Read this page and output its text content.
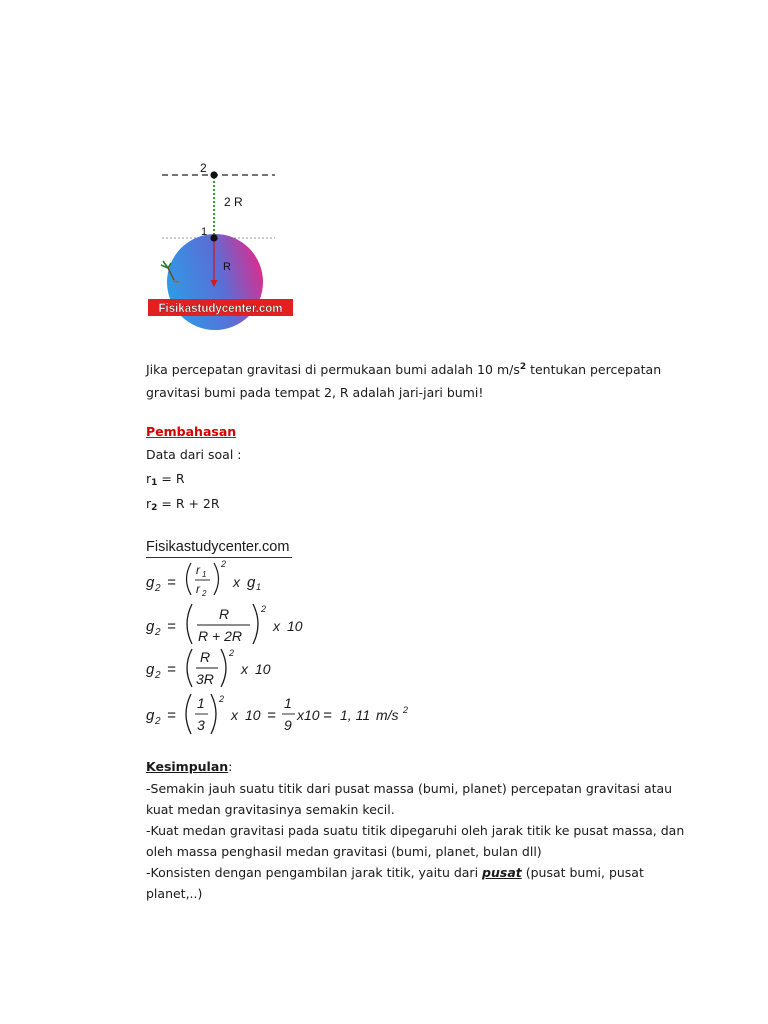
2
1
2 R
R
Fisikastudycenter.com
Jika percepatan gravitasi di permukaan bumi adalah 10 $m/s^2$ tentukan percepatan
gravitasi bumi pada tempat 2, R adalah jari-jari bumi!
Pembahasan
Data dari soal :
$r_1 = R$
$r_2 = R + 2R$
Fisikastudycenter.com
g 2 =
r 1
r 2
2
x g 1
g 2 =
R
R + 2R
2
x 10
g 2 =
R
3R
2
x 10
g 2 =
1
3
2
x 10 =
1
9
x10 = 1, 11 m/s 2
Kesimpulan:
-Semakin jauh suatu titik dari pusat massa (bumi, planet) percepatan gravitasi atau
kuat medan gravitasinya semakin kecil.
-Kuat medan gravitasi pada suatu titik dipegaruhi oleh jarak titik ke pusat massa, dan
oleh massa penghasil medan gravitasi (bumi, planet, bulan dll)
-Konsisten dengan pengambilan jarak titik, yaitu dari pusat (pusat bumi, pusat
planet,..)
